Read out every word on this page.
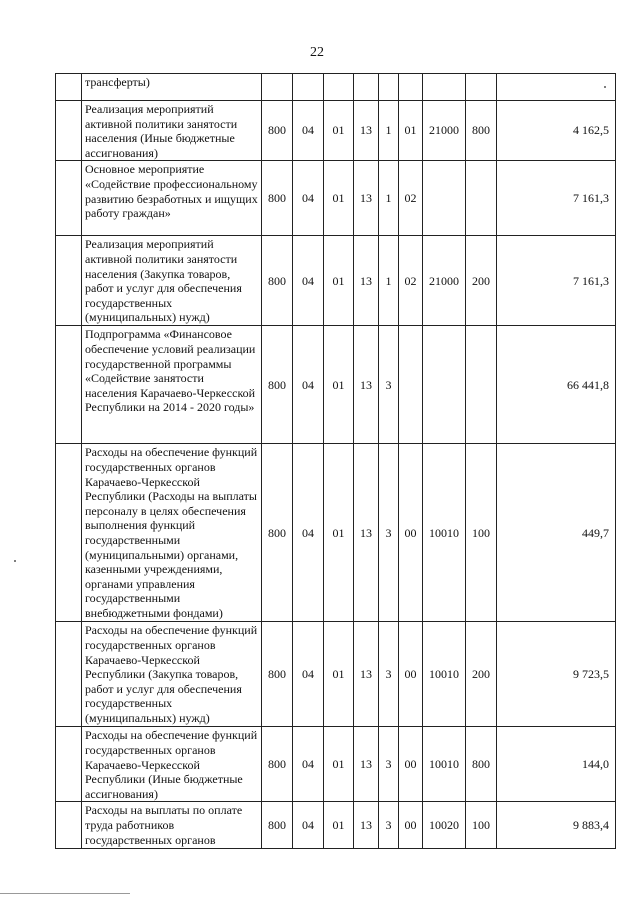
22
	трансферты)									
	Реализация мероприятий активной политики занятости населения (Иные бюджетные ассигнования)	800	04	01	13	1	01	21000	800	4 162,5
	Основное мероприятие «Содействие профессиональному развитию безработных и ищущих работу граждан»	800	04	01	13	1	02			7 161,3
	Реализация мероприятий активной политики занятости населения (Закупка товаров, работ и услуг для обеспечения государственных (муниципальных) нужд)	800	04	01	13	1	02	21000	200	7 161,3
	Подпрограмма «Финансовое обеспечение условий реализации государственной программы «Содействие занятости населения Карачаево-Черкесской Республики на 2014 - 2020 годы»	800	04	01	13	3				66 441,8
	Расходы на обеспечение функций государственных органов Карачаево-Черкесской Республики (Расходы на выплаты персоналу в целях обеспечения выполнения функций государственными (муниципальными) органами, казенными учреждениями, органами управления государственными внебюджетными фондами)	800	04	01	13	3	00	10010	100	449,7
	Расходы на обеспечение функций государственных органов Карачаево-Черкесской Республики (Закупка товаров, работ и услуг для обеспечения государственных (муниципальных) нужд)	800	04	01	13	3	00	10010	200	9 723,5
	Расходы на обеспечение функций государственных органов Карачаево-Черкесской Республики (Иные бюджетные ассигнования)	800	04	01	13	3	00	10010	800	144,0
	Расходы на выплаты по оплате труда работников государственных органов	800	04	01	13	3	00	10020	100	9 883,4
